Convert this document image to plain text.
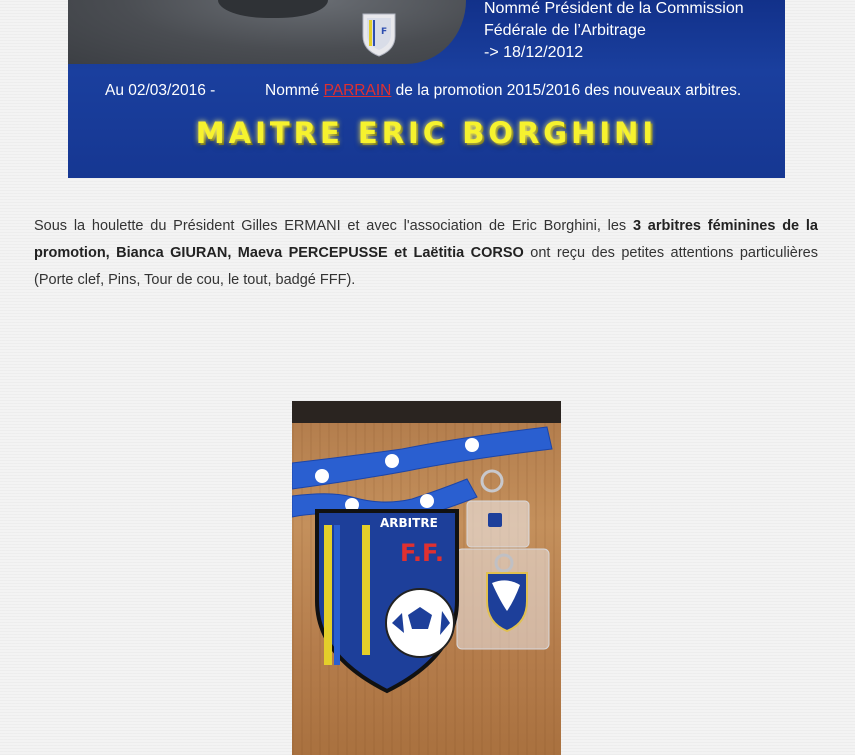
F
Nommé Président de la Commission
Fédérale de l’Arbitrage
-> 18/12/2012
Au 02/03/2016 -	Nommé PARRAIN de la promotion 2015/2016 des nouveaux arbitres.
MAITRE ERIC BORGHINI

Sous la houlette du Président Gilles ERMANI et avec l'association de Eric Borghini, les 3 arbitres féminines de la promotion, Bianca GIURAN, Maeva PERCEPUSSE et Laëtitia CORSO ont reçu des petites attentions particulières (Porte clef, Pins, Tour de cou, le tout, badgé FFF).

ARBITRE
F.F.
